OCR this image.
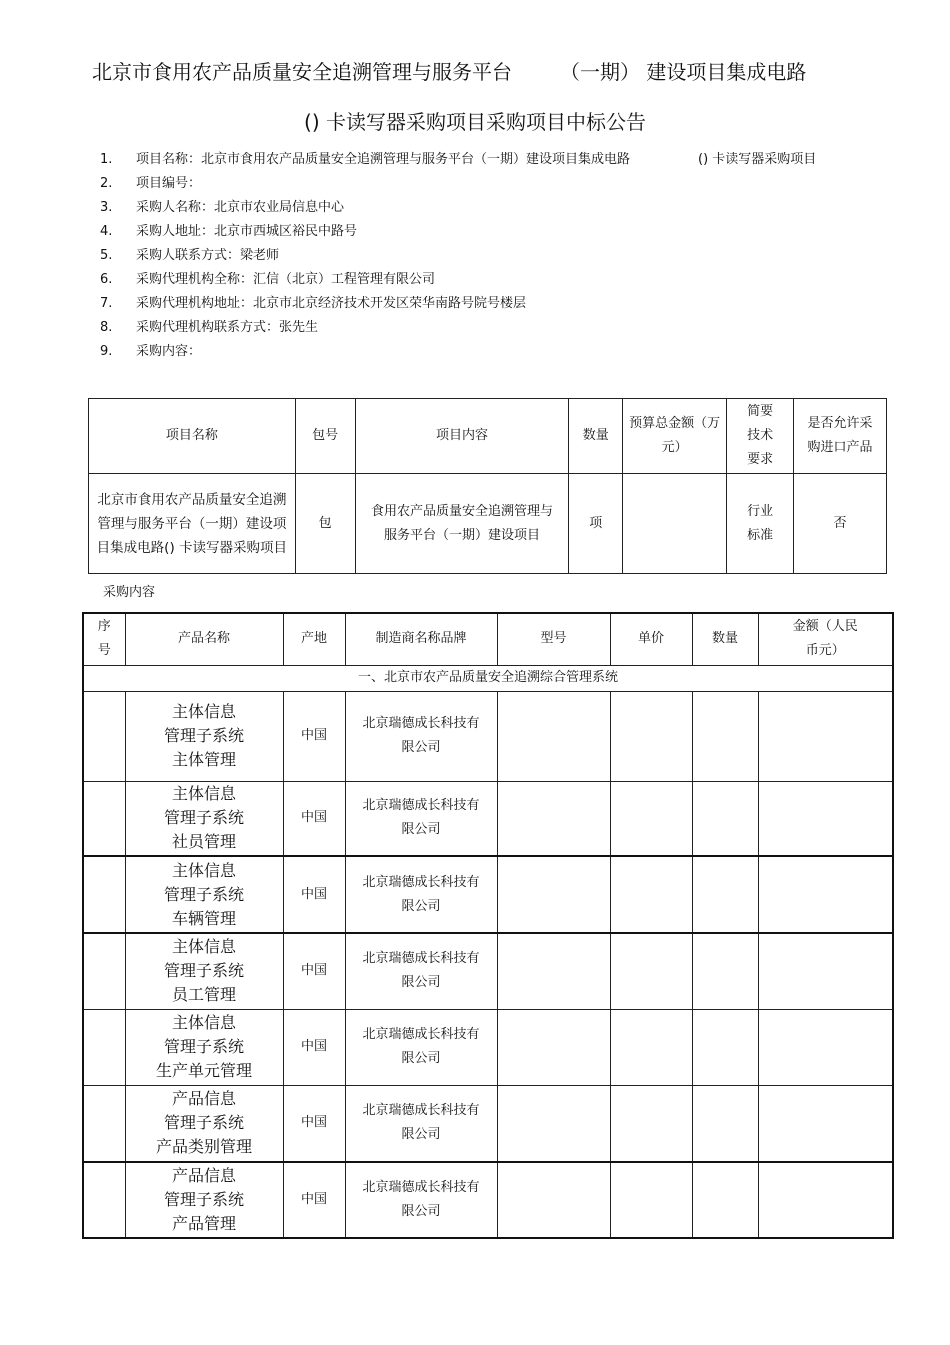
北京市食用农产品质量安全追溯管理与服务平台 （一期） 建设项目集成电路
() 卡读写器采购项目采购项目中标公告
1.	项目名称：北京市食用农产品质量安全追溯管理与服务平台（一期）建设项目集成电路	() 卡读写器采购项目
2.	项目编号：
3.	采购人名称：北京市农业局信息中心
4.	采购人地址：北京市西城区裕民中路号
5.	采购人联系方式：梁老师
6.	采购代理机构全称：汇信（北京）工程管理有限公司
7.	采购代理机构地址：北京市北京经济技术开发区荣华南路号院号楼层
8.	采购代理机构联系方式：张先生
9.	采购内容：
项目名称	包号	项目内容	数量	预算总金额（万元）	简要技术要求	是否允许采购进口产品
北京市食用农产品质量安全追溯管理与服务平台（一期）建设项目集成电路() 卡读写器采购项目	包	食用农产品质量安全追溯管理与服务平台（一期）建设项目	项		行业标准	否
采购内容
序号	产品名称	产地	制造商名称品牌	型号	单价	数量	金额（人民币元）
一、北京市农产品质量安全追溯综合管理系统							
	主体信息
管理子系统
主体管理	中国	北京瑞德成长科技有限公司				
	主体信息
管理子系统
社员管理	中国	北京瑞德成长科技有限公司				
	主体信息
管理子系统
车辆管理	中国	北京瑞德成长科技有限公司				
	主体信息
管理子系统
员工管理	中国	北京瑞德成长科技有限公司				
	主体信息
管理子系统
生产单元管理	中国	北京瑞德成长科技有限公司				
	产品信息
管理子系统
产品类别管理	中国	北京瑞德成长科技有限公司				
	产品信息
管理子系统
产品管理	中国	北京瑞德成长科技有限公司				
